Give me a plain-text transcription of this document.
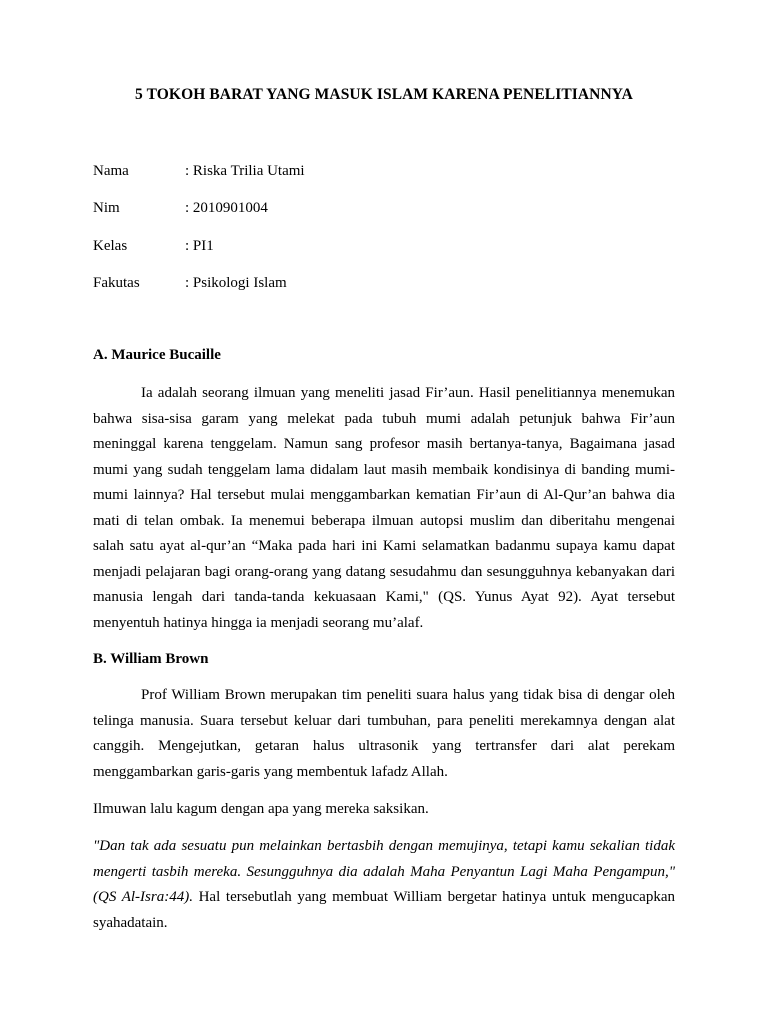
5 TOKOH BARAT YANG MASUK ISLAM KARENA PENELITIANNYA
Nama	: Riska Trilia Utami
Nim	: 2010901004
Kelas	: PI1
Fakutas	: Psikologi Islam
A. Maurice Bucaille

Ia adalah seorang ilmuan yang meneliti jasad Fir’aun. Hasil penelitiannya menemukan bahwa sisa-sisa garam yang melekat pada tubuh mumi adalah petunjuk bahwa Fir’aun meninggal karena tenggelam. Namun sang profesor masih bertanya-tanya, Bagaimana jasad mumi yang sudah tenggelam lama didalam laut masih membaik kondisinya di banding mumi-mumi lainnya? Hal tersebut mulai menggambarkan kematian Fir’aun di Al-Qur’an bahwa dia mati di telan ombak. Ia menemui beberapa ilmuan autopsi muslim dan diberitahu mengenai salah satu ayat al-qur’an “Maka pada hari ini Kami selamatkan badanmu supaya kamu dapat menjadi pelajaran bagi orang-orang yang datang sesudahmu dan sesungguhnya kebanyakan dari manusia lengah dari tanda-tanda kekuasaan Kami," (QS. Yunus Ayat 92). Ayat tersebut menyentuh hatinya hingga ia menjadi seorang mu’alaf.

B. William Brown

Prof William Brown merupakan tim peneliti suara halus yang tidak bisa di dengar oleh telinga manusia. Suara tersebut keluar dari tumbuhan, para peneliti merekamnya dengan alat canggih. Mengejutkan, getaran halus ultrasonik yang tertransfer dari alat perekam menggambarkan garis-garis yang membentuk lafadz Allah.

Ilmuwan lalu kagum dengan apa yang mereka saksikan.

"Dan tak ada sesuatu pun melainkan bertasbih dengan memujinya, tetapi kamu sekalian tidak mengerti tasbih mereka. Sesungguhnya dia adalah Maha Penyantun Lagi Maha Pengampun," (QS Al-Isra:44). Hal tersebutlah yang membuat William bergetar hatinya untuk mengucapkan syahadatain.
